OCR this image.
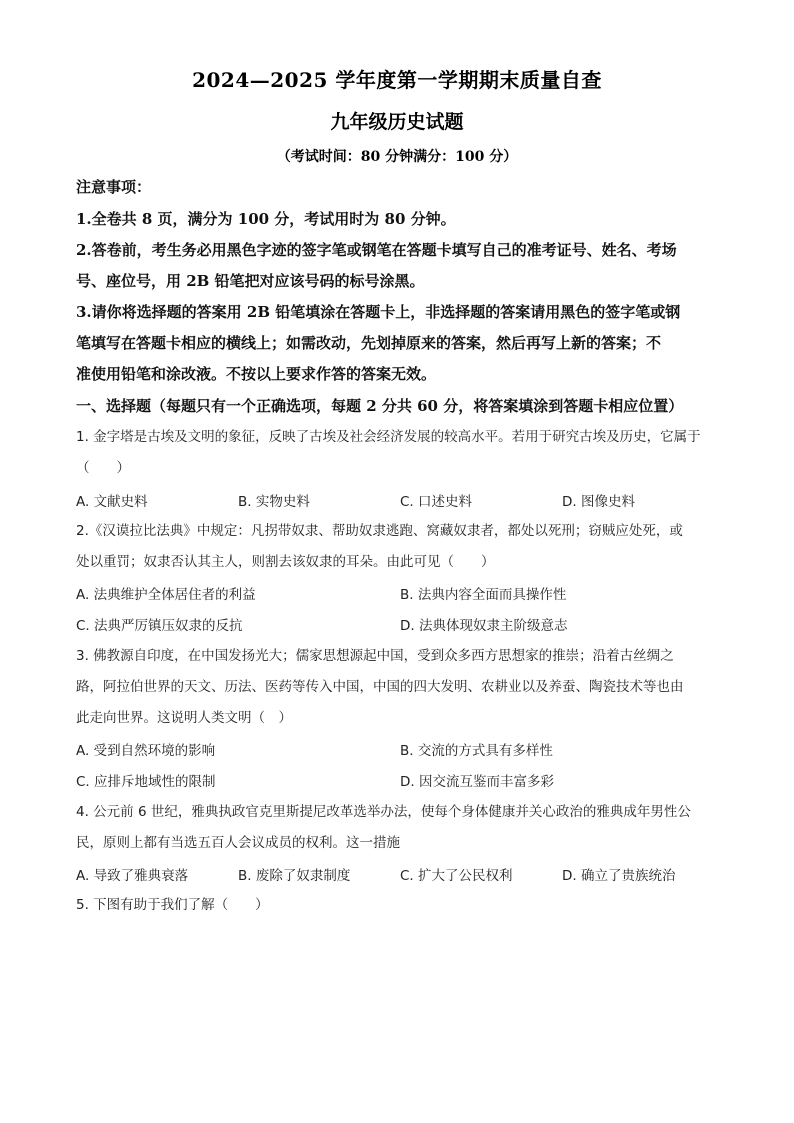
2024—2025 学年度第一学期期末质量自查
九年级历史试题
（考试时间：80 分钟满分：100 分）
注意事项：
1.全卷共 8 页，满分为 100 分，考试用时为 80 分钟。
2.答卷前，考生务必用黑色字迹的签字笔或钢笔在答题卡填写自己的准考证号、姓名、考场
号、座位号，用 2B 铅笔把对应该号码的标号涂黑。
3.请你将选择题的答案用 2B 铅笔填涂在答题卡上，非选择题的答案请用黑色的签字笔或钢
笔填写在答题卡相应的横线上；如需改动，先划掉原来的答案，然后再写上新的答案；不
准使用铅笔和涂改液。不按以上要求作答的答案无效。
一、选择题（每题只有一个正确选项，每题 2 分共 60 分，将答案填涂到答题卡相应位置）
1. 金字塔是古埃及文明的象征，反映了古埃及社会经济发展的较高水平。若用于研究古埃及历史，它属于
（　　）
A. 文献史料	B. 实物史料	C. 口述史料	D. 图像史料
2.《汉谟拉比法典》中规定：凡拐带奴隶、帮助奴隶逃跑、窝藏奴隶者，都处以死刑；窃贼应处死，或
处以重罚；奴隶否认其主人，则割去该奴隶的耳朵。由此可见（　　）
A. 法典维护全体居住者的利益	B. 法典内容全面而具操作性
C. 法典严厉镇压奴隶的反抗	D. 法典体现奴隶主阶级意志
3. 佛教源自印度，在中国发扬光大；儒家思想源起中国，受到众多西方思想家的推崇；沿着古丝绸之
路，阿拉伯世界的天文、历法、医药等传入中国，中国的四大发明、农耕业以及养蚕、陶瓷技术等也由
此走向世界。这说明人类文明（　）
A. 受到自然环境的影响	B. 交流的方式具有多样性
C. 应排斥地域性的限制	D. 因交流互鉴而丰富多彩
4. 公元前 6 世纪，雅典执政官克里斯提尼改革选举办法，使每个身体健康并关心政治的雅典成年男性公
民，原则上都有当选五百人会议成员的权利。这一措施
A. 导致了雅典衰落	B. 废除了奴隶制度	C. 扩大了公民权利	D. 确立了贵族统治
5. 下图有助于我们了解（　　）
